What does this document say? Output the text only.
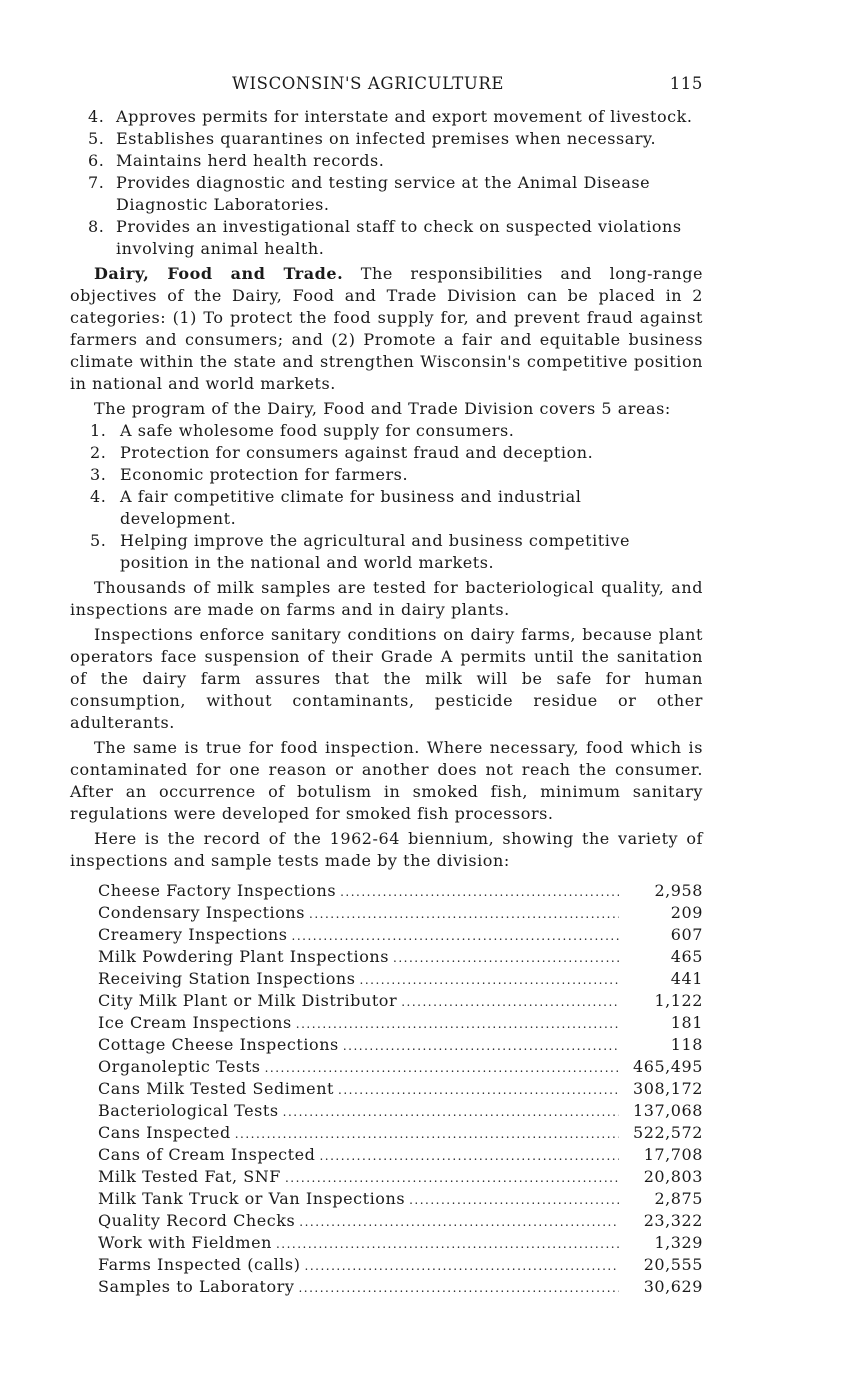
WISCONSIN'S AGRICULTURE	115
4. Approves permits for interstate and export movement of livestock.
5. Establishes quarantines on infected premises when necessary.
6. Maintains herd health records.
7. Provides diagnostic and testing service at the Animal Disease Diagnostic Laboratories.
8. Provides an investigational staff to check on suspected violations involving animal health.

Dairy, Food and Trade. The responsibilities and long-range objectives of the Dairy, Food and Trade Division can be placed in 2 categories: (1) To protect the food supply for, and prevent fraud against farmers and consumers; and (2) Promote a fair and equitable business climate within the state and strengthen Wisconsin's competitive position in national and world markets.

The program of the Dairy, Food and Trade Division covers 5 areas:

1. A safe wholesome food supply for consumers.
2. Protection for consumers against fraud and deception.
3. Economic protection for farmers.
4. A fair competitive climate for business and industrial development.
5. Helping improve the agricultural and business competitive position in the national and world markets.

Thousands of milk samples are tested for bacteriological quality, and inspections are made on farms and in dairy plants.

Inspections enforce sanitary conditions on dairy farms, because plant operators face suspension of their Grade A permits until the sanitation of the dairy farm assures that the milk will be safe for human consumption, without contaminants, pesticide residue or other adulterants.

The same is true for food inspection. Where necessary, food which is contaminated for one reason or another does not reach the consumer. After an occurrence of botulism in smoked fish, minimum sanitary regulations were developed for smoked fish processors.

Here is the record of the 1962-64 biennium, showing the variety of inspections and sample tests made by the division:

Cheese Factory Inspections .....	2,958
Condensary Inspections .....	209
Creamery Inspections .....	607
Milk Powdering Plant Inspections .....	465
Receiving Station Inspections .....	441
City Milk Plant or Milk Distributor .....	1,122
Ice Cream Inspections .....	181
Cottage Cheese Inspections .....	118
Organoleptic Tests .....	465,495
Cans Milk Tested Sediment .....	308,172
Bacteriological Tests .....	137,068
Cans Inspected .....	522,572
Cans of Cream Inspected .....	17,708
Milk Tested Fat, SNF .....	20,803
Milk Tank Truck or Van Inspections .....	2,875
Quality Record Checks .....	23,322
Work with Fieldmen .....	1,329
Farms Inspected (calls) .....	20,555
Samples to Laboratory .....	30,629
